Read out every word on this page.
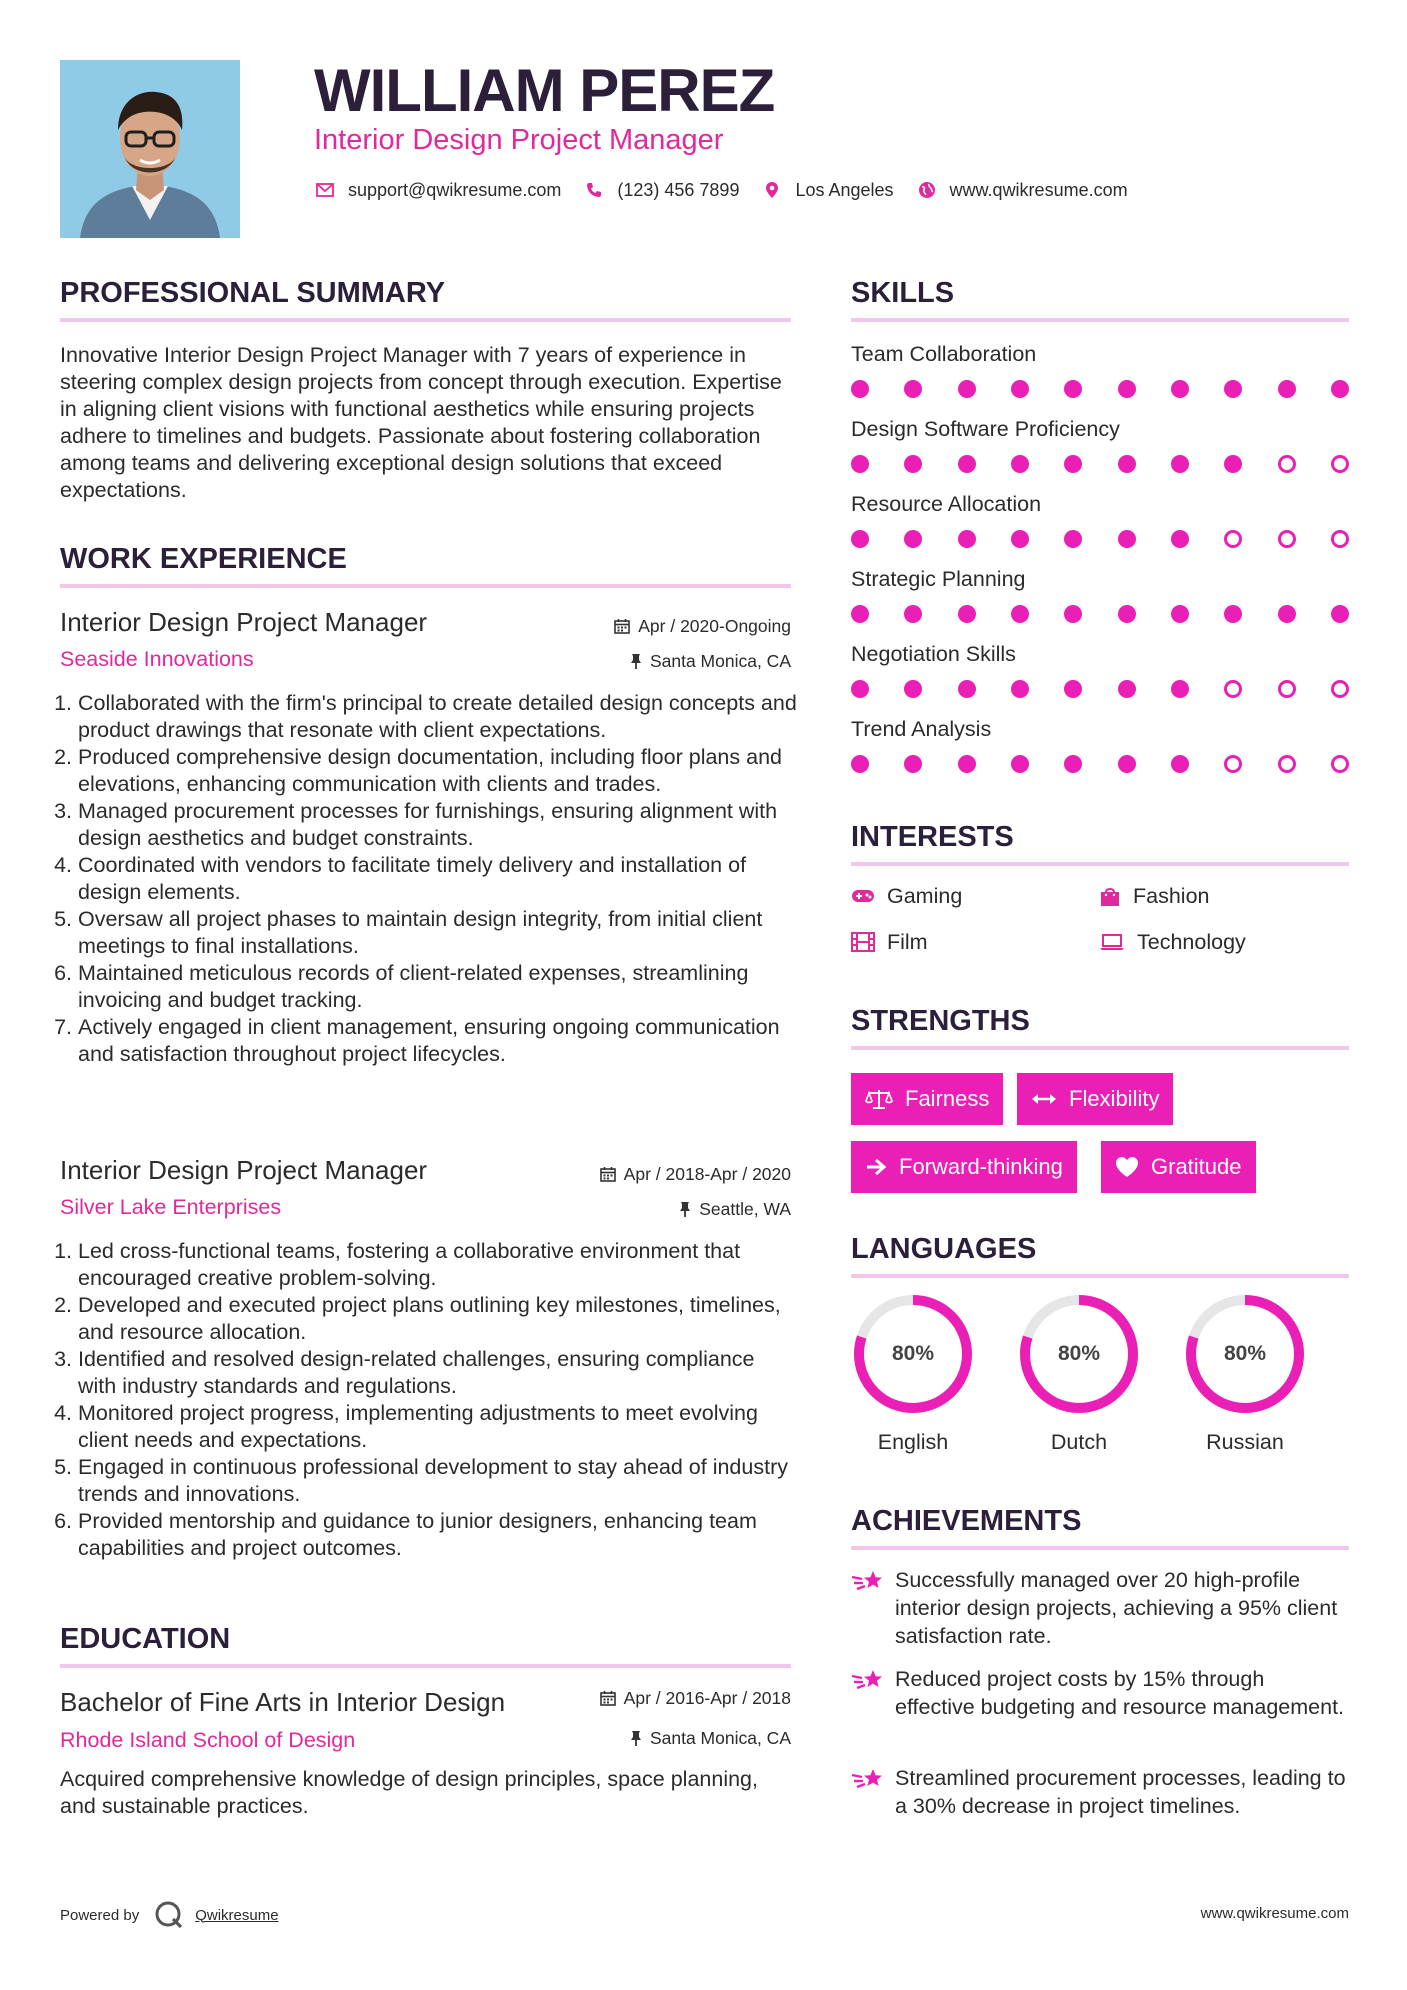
WILLIAM PEREZ
Interior Design Project Manager
support@qwikresume.com	(123) 456 7899	Los Angeles	www.qwikresume.com
PROFESSIONAL SUMMARY
Innovative Interior Design Project Manager with 7 years of experience in steering complex design projects from concept through execution. Expertise in aligning client visions with functional aesthetics while ensuring projects adhere to timelines and budgets. Passionate about fostering collaboration among teams and delivering exceptional design solutions that exceed expectations.
WORK EXPERIENCE
Interior Design Project Manager
Seaside Innovations
Apr / 2020-Ongoing
Santa Monica, CA
1. Collaborated with the firm's principal to create detailed design concepts and product drawings that resonate with client expectations.
2. Produced comprehensive design documentation, including floor plans and elevations, enhancing communication with clients and trades.
3. Managed procurement processes for furnishings, ensuring alignment with design aesthetics and budget constraints.
4. Coordinated with vendors to facilitate timely delivery and installation of design elements.
5. Oversaw all project phases to maintain design integrity, from initial client meetings to final installations.
6. Maintained meticulous records of client-related expenses, streamlining invoicing and budget tracking.
7. Actively engaged in client management, ensuring ongoing communication and satisfaction throughout project lifecycles.
Interior Design Project Manager
Silver Lake Enterprises
Apr / 2018-Apr / 2020
Seattle, WA
1. Led cross-functional teams, fostering a collaborative environment that encouraged creative problem-solving.
2. Developed and executed project plans outlining key milestones, timelines, and resource allocation.
3. Identified and resolved design-related challenges, ensuring compliance with industry standards and regulations.
4. Monitored project progress, implementing adjustments to meet evolving client needs and expectations.
5. Engaged in continuous professional development to stay ahead of industry trends and innovations.
6. Provided mentorship and guidance to junior designers, enhancing team capabilities and project outcomes.
EDUCATION
Bachelor of Fine Arts in Interior Design
Rhode Island School of Design
Apr / 2016-Apr / 2018
Santa Monica, CA
Acquired comprehensive knowledge of design principles, space planning, and sustainable practices.
SKILLS
Team Collaboration
Design Software Proficiency
Resource Allocation
Strategic Planning
Negotiation Skills
Trend Analysis
INTERESTS
Gaming	Fashion
Film	Technology
STRENGTHS
Fairness	Flexibility
Forward-thinking	Gratitude
LANGUAGES
80%
English
80%
Dutch
80%
Russian
ACHIEVEMENTS
Successfully managed over 20 high-profile interior design projects, achieving a 95% client satisfaction rate.
Reduced project costs by 15% through effective budgeting and resource management.
Streamlined procurement processes, leading to a 30% decrease in project timelines.
Powered by	Qwikresume	www.qwikresume.com
